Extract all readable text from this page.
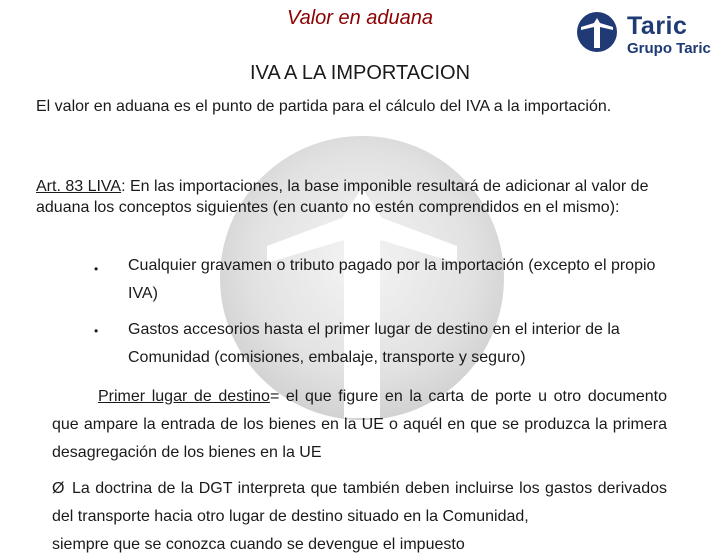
Valor en aduana	Taric
Grupo Taric
IVA A LA IMPORTACION
El valor en aduana es el punto de partida para el cálculo del IVA a la importación.
Art. 83 LIVA: En las importaciones, la base imponible resultará de adicionar al valor de aduana los conceptos siguientes (en cuanto no estén comprendidos en el mismo):
• Cualquier gravamen o tributo pagado por la importación (excepto el propio IVA)
• Gastos accesorios hasta el primer lugar de destino en el interior de la Comunidad (comisiones, embalaje, transporte y seguro)
Primer lugar de destino= el que figure en la carta de porte u otro documento que ampare la entrada de los bienes en la UE o aquél en que se produzca la primera desagregación de los bienes en la UE
Ø La doctrina de la DGT interpreta que también deben incluirse los gastos derivados del transporte hacia otro lugar de destino situado en la Comunidad,
siempre que se conozca cuando se devengue el impuesto
